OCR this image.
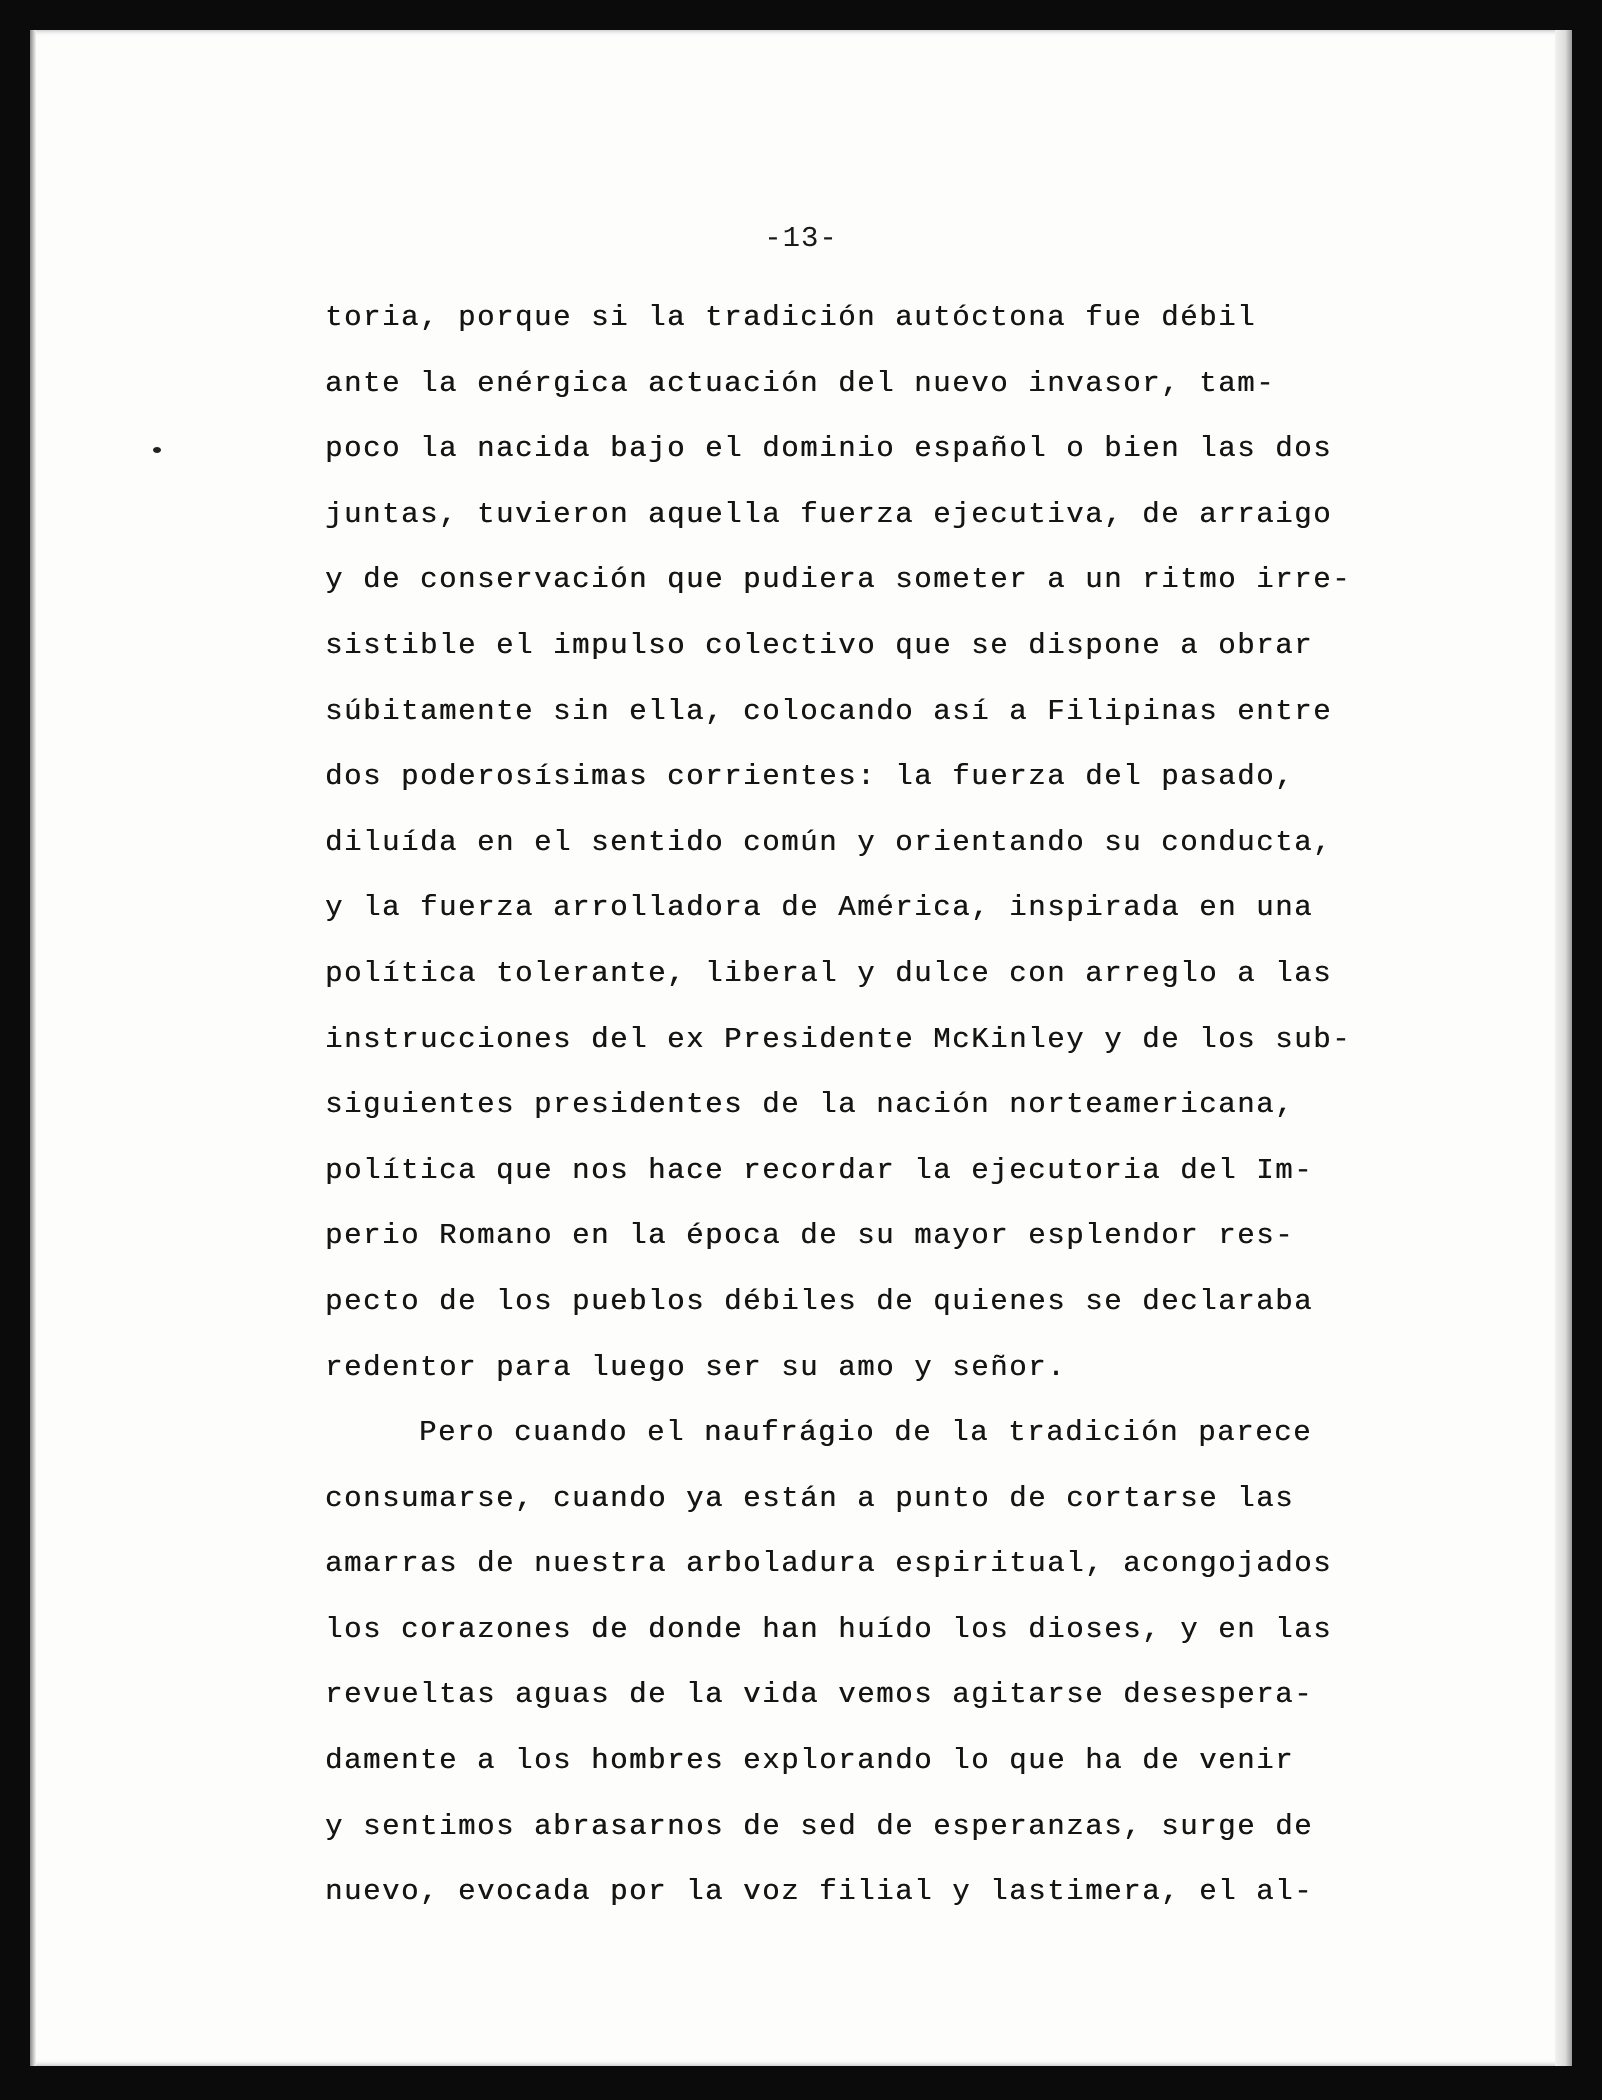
-13-
toria, porque si la tradición autóctona fue débil
ante la enérgica actuación del nuevo invasor, tam-
poco la nacida bajo el dominio español o bien las dos
juntas, tuvieron aquella fuerza ejecutiva, de arraigo
y de conservación que pudiera someter a un ritmo irre-
sistible el impulso colectivo que se dispone a obrar
súbitamente sin ella, colocando así a Filipinas entre
dos poderosísimas corrientes: la fuerza del pasado,
diluída en el sentido común y orientando su conducta,
y la fuerza arrolladora de América, inspirada en una
política tolerante, liberal y dulce con arreglo a las
instrucciones del ex Presidente McKinley y de los sub-
siguientes presidentes de la nación norteamericana,
política que nos hace recordar la ejecutoria del Im-
perio Romano en la época de su mayor esplendor res-
pecto de los pueblos débiles de quienes se declaraba
redentor para luego ser su amo y señor.
Pero cuando el naufrágio de la tradición parece
consumarse, cuando ya están a punto de cortarse las
amarras de nuestra arboladura espiritual, acongojados
los corazones de donde han huído los dioses, y en las
revueltas aguas de la vida vemos agitarse desespera-
damente a los hombres explorando lo que ha de venir
y sentimos abrasarnos de sed de esperanzas, surge de
nuevo, evocada por la voz filial y lastimera, el al-
